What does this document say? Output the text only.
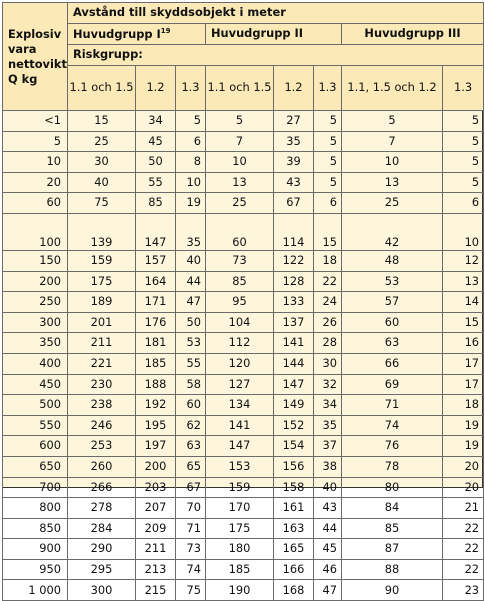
Explosiv
vara
nettovikt
Q kg	Avstånd till skyddsobjekt i meter							
	Huvudgrupp $I^{19}$			Huvudgrupp II			Huvudgrupp III	
	Riskgrupp:							
	1.1 och 1.5	1.2	1.3	1.1 och 1.5	1.2	1.3	1.1, 1.5 och 1.2	1.3
<1	15	34	5	5	27	5	5	5
5	25	45	6	7	35	5	7	5
10	30	50	8	10	39	5	10	5
20	40	55	10	13	43	5	13	5
60	75	85	19	25	67	6	25	6
100	139	147	35	60	114	15	42	10
150	159	157	40	73	122	18	48	12
200	175	164	44	85	128	22	53	13
250	189	171	47	95	133	24	57	14
300	201	176	50	104	137	26	60	15
350	211	181	53	112	141	28	63	16
400	221	185	55	120	144	30	66	17
450	230	188	58	127	147	32	69	17
500	238	192	60	134	149	34	71	18
550	246	195	62	141	152	35	74	19
600	253	197	63	147	154	37	76	19
650	260	200	65	153	156	38	78	20
700	266	203	67	159	158	40	80	20
800	278	207	70	170	161	43	84	21
850	284	209	71	175	163	44	85	22
900	290	211	73	180	165	45	87	22
950	295	213	74	185	166	46	88	22
1 000	300	215	75	190	168	47	90	23
